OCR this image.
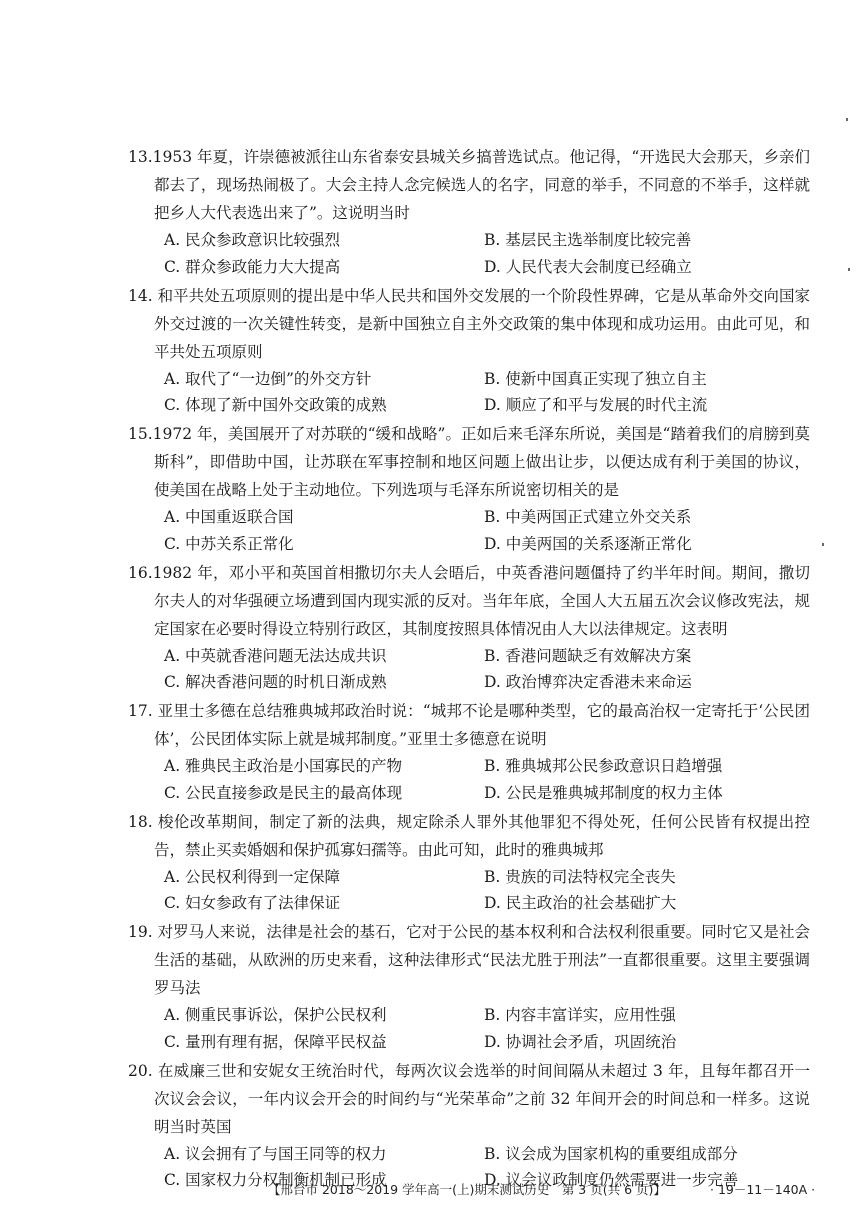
13.1953 年夏，许崇德被派往山东省泰安县城关乡搞普选试点。他记得，“开选民大会那天，乡亲们都去了，现场热闹极了。大会主持人念完候选人的名字，同意的举手，不同意的不举手，这样就把乡人大代表选出来了”。这说明当时

A. 民众参政意识比较强烈	B. 基层民主选举制度比较完善
C. 群众参政能力大大提高	D. 人民代表大会制度已经确立

14. 和平共处五项原则的提出是中华人民共和国外交发展的一个阶段性界碑，它是从革命外交向国家外交过渡的一次关键性转变，是新中国独立自主外交政策的集中体现和成功运用。由此可见，和平共处五项原则

A. 取代了“一边倒”的外交方针	B. 使新中国真正实现了独立自主
C. 体现了新中国外交政策的成熟	D. 顺应了和平与发展的时代主流

15.1972 年，美国展开了对苏联的“缓和战略”。正如后来毛泽东所说，美国是“踏着我们的肩膀到莫斯科”，即借助中国，让苏联在军事控制和地区问题上做出让步，以便达成有利于美国的协议，使美国在战略上处于主动地位。下列选项与毛泽东所说密切相关的是

A. 中国重返联合国	B. 中美两国正式建立外交关系
C. 中苏关系正常化	D. 中美两国的关系逐渐正常化

16.1982 年，邓小平和英国首相撒切尔夫人会晤后，中英香港问题僵持了约半年时间。期间，撒切尔夫人的对华强硬立场遭到国内现实派的反对。当年年底，全国人大五届五次会议修改宪法，规定国家在必要时得设立特别行政区，其制度按照具体情况由人大以法律规定。这表明

A. 中英就香港问题无法达成共识	B. 香港问题缺乏有效解决方案
C. 解决香港问题的时机日渐成熟	D. 政治博弈决定香港未来命运

17. 亚里士多德在总结雅典城邦政治时说：“城邦不论是哪种类型，它的最高治权一定寄托于‘公民团体’，公民团体实际上就是城邦制度。”亚里士多德意在说明

A. 雅典民主政治是小国寡民的产物	B. 雅典城邦公民参政意识日趋增强
C. 公民直接参政是民主的最高体现	D. 公民是雅典城邦制度的权力主体

18. 梭伦改革期间，制定了新的法典，规定除杀人罪外其他罪犯不得处死，任何公民皆有权提出控告，禁止买卖婚姻和保护孤寡妇孺等。由此可知，此时的雅典城邦

A. 公民权利得到一定保障	B. 贵族的司法特权完全丧失
C. 妇女参政有了法律保证	D. 民主政治的社会基础扩大

19. 对罗马人来说，法律是社会的基石，它对于公民的基本权利和合法权利很重要。同时它又是社会生活的基础，从欧洲的历史来看，这种法律形式“民法尤胜于刑法”一直都很重要。这里主要强调罗马法

A. 侧重民事诉讼，保护公民权利	B. 内容丰富详实，应用性强
C. 量刑有理有据，保障平民权益	D. 协调社会矛盾，巩固统治

20. 在威廉三世和安妮女王统治时代，每两次议会选举的时间间隔从未超过 3 年，且每年都召开一次议会会议，一年内议会开会的时间约与“光荣革命”之前 32 年间开会的时间总和一样多。这说明当时英国

A. 议会拥有了与国王同等的权力	B. 议会成为国家机构的重要组成部分
C. 国家权力分权制衡机制已形成	D. 议会议政制度仍然需要进一步完善
【邢台市 2018～2019 学年高一(上)期末测试历史　第 3 页(共 6 页)】	· 19－11－140A ·
